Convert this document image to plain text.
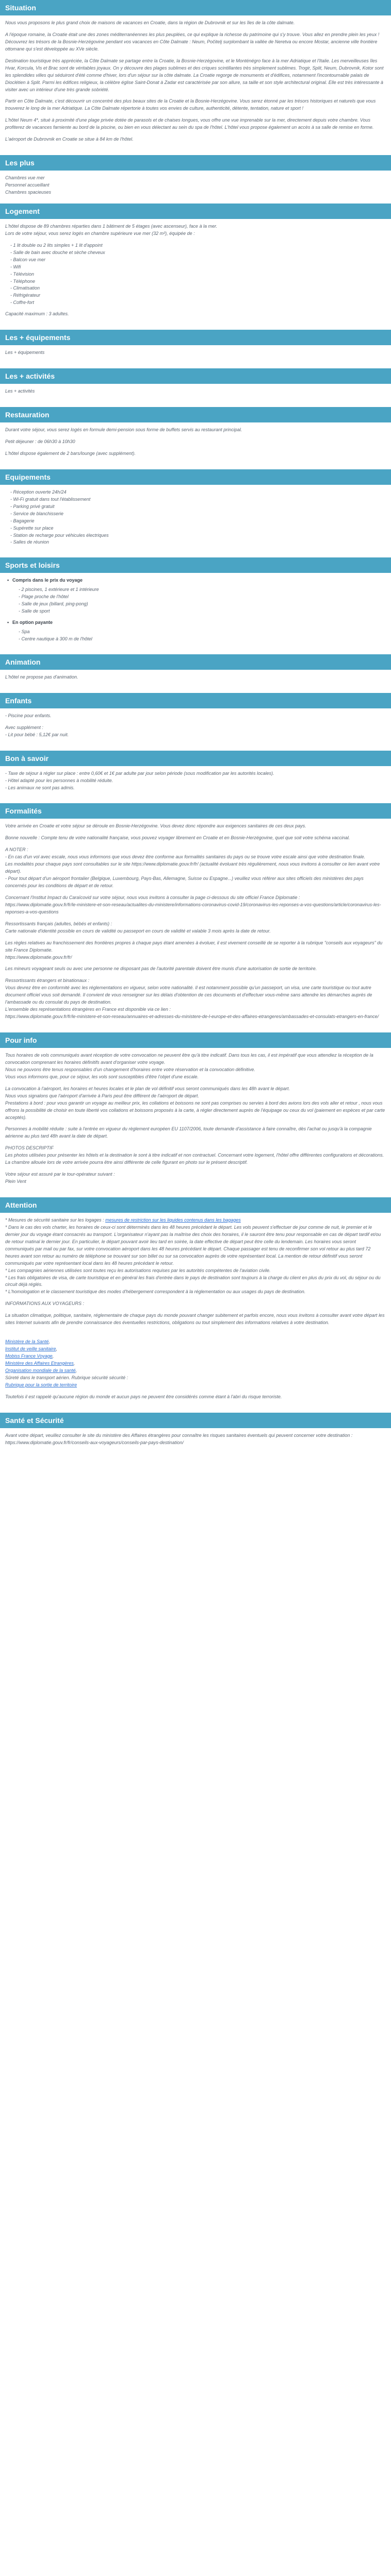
Situation

Nous vous proposons le plus grand choix de maisons de vacances en Croatie, dans la région de Dubrovnik et sur les îles de la côte dalmate.

A l'époque romaine, la Croatie était une des zones méditerranéennes les plus peuplées, ce qui explique la richesse du patrimoine qui s'y trouve. Vous allez en prendre plein les yeux ! Découvrez les trésors de la Bosnie-Herzégovine pendant vos vacances en Côte Dalmate : Neum, Počitelj surplombant la vallée de Neretva ou encore Mostar, ancienne ville frontière ottomane qui s'est développée au XVe siècle.

Destination touristique très appréciée, la Côte Dalmate se partage entre la Croatie, la Bosnie-Herzégovine, et le Monténégro face à la mer Adriatique et l'Italie. Les merveilleuses îles Hvar, Korcula, Vis et Brac sont de véritables joyaux. On y découvre des plages sublimes et des criques scintillantes très simplement sublimes. Trogir, Split, Neum, Dubrovnik, Kotor sont les splendides villes qui séduiront d'été comme d'hiver, lors d'un séjour sur la côte dalmate. La Croatie regorge de monuments et d'édifices, notamment l'incontournable palais de Dioclétien à Split. Parmi les édifices religieux, la célèbre église Saint-Donat à Zadar est caractérisée par son allure, sa taille et son style architectural original. Elle est très intéressante à visiter avec un intérieur d'une très grande sobriété.

Partir en Côte Dalmate, c'est découvrir un concentré des plus beaux sites de la Croatie et la Bosnie-Herzégovine. Vous serez étonné par les trésors historiques et naturels que vous trouverez le long de la mer Adriatique. La Côte Dalmate répertorie à toutes vos envies de culture, authenticité, détente, tentation, nature et sport !

L'hôtel Neum 4*, situé à proximité d'une plage privée dotée de parasols et de chaises longues, vous offre une vue imprenable sur la mer, directement depuis votre chambre. Vous profiterez de vacances farniente au bord de la piscine, ou bien en vous délectant au sein du spa de l'hôtel. L'hôtel vous propose également un accès à sa salle de remise en forme.

L'aéroport de Dubrovnik en Croatie se situe à 84 km de l'hôtel.

Les plus

Chambres vue mer

Personnel accueillant

Chambres spacieuses

Logement

L'hôtel dispose de 89 chambres réparties dans 1 bâtiment de 5 étages (avec ascenseur), face à la mer.

Lors de votre séjour, vous serez logés en chambre supérieure vue mer (32 m²), équipée de :

- 1 lit double ou 2 lits simples + 1 lit d'appoint
- Salle de bain avec douche et sèche cheveux
- Balcon vue mer
- Wifi
- Télévision
- Téléphone
- Climatisation
- Réfrigérateur
- Coffre-fort

Capacité maximum : 3 adultes.

Les + équipements

Les + équipements

Les + activités

Les + activités

Restauration

Durant votre séjour, vous serez logés en formule demi-pension sous forme de buffets servis au restaurant principal.

Petit déjeuner : de 06h30 à 10h30

L'hôtel dispose également de 2 bars/lounge (avec supplément).

Equipements
- Réception ouverte 24h/24
- Wi-Fi gratuit dans tout l'établissement
- Parking privé gratuit
- Service de blanchisserie
- Bagagerie
- Supérette sur place
- Station de recharge pour véhicules électriques
- Salles de réunion
Sports et loisirs
• Compris dans le prix du voyage
- 2 piscines, 1 extérieure et 1 intérieure
- Plage proche de l'hôtel
- Salle de jeux (billard, ping-pong)
- Salle de sport
• En option payante
- Spa
- Centre nautique à 300 m de l'hôtel
Animation

L'hôtel ne propose pas d'animation.

Enfants

- Piscine pour enfants.

Avec supplément :

- Lit pour bébé : 5,12€ par nuit.

Bon à savoir

- Taxe de séjour à régler sur place : entre 0,60€ et 1€ par adulte par jour selon période (sous modification par les autorités locales).

- Hôtel adapté pour les personnes à mobilité réduite.

- Les animaux ne sont pas admis.

Formalités

Votre arrivée en Croatie et votre séjour se déroule en Bosnie-Herzégovine. Vous devez donc répondre aux exigences sanitaires de ces deux pays.

Bonne nouvelle : Compte tenu de votre nationalité française, vous pouvez voyager librement en Croatie et en Bosnie-Herzégovine, quel que soit votre schéma vaccinal.

A NOTER :
- En cas d'un vol avec escale, nous vous informons que vous devez être conforme aux formalités sanitaires du pays ou se trouve votre escale ainsi que votre destination finale.
Les modalités pour chaque pays sont consultables sur le site https://www.diplomatie.gouv.fr/fr/ (actualité évoluant très régulièrement, nous vous invitons à consulter ce lien avant votre départ).
- Pour tout départ d'un aéroport frontalier (Belgique, Luxembourg, Pays-Bas, Allemagne, Suisse ou Espagne...) veuillez vous référer aux sites officiels des ministères des pays concernés pour les conditions de départ et de retour.

Concernant l'Institut Impact du Caraïcovid sur votre séjour, nous vous invitons à consulter la page ci-dessous du site officiel France Diplomatie :
https://www.diplomatie.gouv.fr/fr/le-ministere-et-son-reseau/actualites-du-ministere/informations-coronavirus-covid-19/coronavirus-les-reponses-a-vos-questions/article/coronavirus-les-reponses-a-vos-questions

Ressortissants français (adultes, bébés et enfants) :
Carte nationale d'identité possible en cours de validité ou passeport en cours de validité et valable 3 mois après la date de retour.

Les règles relatives au franchissement des frontières propres à chaque pays étant amenées à évoluer, il est vivement conseillé de se reporter à la rubrique "conseils aux voyageurs" du site France Diplomatie.
https://www.diplomatie.gouv.fr/fr/

Les mineurs voyageant seuls ou avec une personne ne disposant pas de l'autorité parentale doivent être munis d'une autorisation de sortie de territoire.

Ressortissants étrangers et binationaux :
Vous devrez être en conformité avec les réglementations en vigueur, selon votre nationalité. Il est notamment possible qu'un passeport, un visa, une carte touristique ou tout autre document officiel vous soit demandé. Il convient de vous renseigner sur les délais d'obtention de ces documents et d'effectuer vous-même sans attendre les démarches auprès de l'ambassade ou du consulat du pays de destination.
L'ensemble des représentations étrangères en France est disponible via ce lien :
https://www.diplomatie.gouv.fr/fr/le-ministere-et-son-reseau/annuaires-et-adresses-du-ministere-de-l-europe-et-des-affaires-etrangeres/ambassades-et-consulats-etrangers-en-france/

Pour info

Tous horaires de vols communiqués avant réception de votre convocation ne peuvent être qu'à titre indicatif. Dans tous les cas, il est impératif que vous attendiez la réception de la convocation comprenant les horaires définitifs avant d'organiser votre voyage.
Nous ne pouvons être tenus responsables d'un changement d'horaires entre votre réservation et la convocation définitive.
Vous vous informons que, pour ce séjour, les vols sont susceptibles d'être l'objet d'une escale.

La convocation à l'aéroport, les horaires et heures locales et le plan de vol définitif vous seront communiqués dans les 48h avant le départ.
Nous vous signalons que l'aéroport d'arrivée à Paris peut être différent de l'aéroport de départ.
Prestations à bord : pour vous garantir un voyage au meilleur prix, les collations et boissons ne sont pas comprises ou servies à bord des avions lors des vols aller et retour , nous vous offrons la possibilité de choisir en toute liberté vos collations et boissons proposés à la carte, à régler directement auprès de l'équipage ou ceux du vol (paiement en espèces et par carte acceptés).

Personnes à mobilité réduite : suite à l'entrée en vigueur du règlement européen EU 1107/2006, toute demande d'assistance à faire connaître, dès l'achat ou jusqu'à la compagnie aérienne au plus tard 48h avant la date de départ.

PHOTOS DESCRIPTIF
Les photos utilisées pour présenter les hôtels et la destination le sont à titre indicatif et non contractuel. Concernant votre logement, l'hôtel offre différentes configurations et décorations. La chambre allouée lors de votre arrivée pourra être ainsi différente de celle figurant en photo sur le présent descriptif.

Votre séjour est assuré par le tour-opérateur suivant :
Plein Vent

Attention

* Mesures de sécurité sanitaire sur les logages : mesures de restriction sur les liquides contenus dans les bagages

* Dans le cas des vols charter, les horaires de ceux-ci sont déterminés dans les 48 heures précédant le départ. Les vols peuvent s'effectuer de jour comme de nuit, le premier et le dernier jour du voyage étant consacrés au transport. L'organisateur n'ayant pas la maîtrise des choix des horaires, il le sauront être tenu pour responsable en cas de départ tardif et/ou de retour matinal le dernier jour. En particulier, le départ pouvant avoir lieu tard en soirée, la date effective de départ peut être celle du lendemain. Les horaires vous seront communiqués par mail ou par fax, sur votre convocation aéroport dans les 48 heures précédant le départ. Chaque passager est tenu de reconfirmer son vol retour au plus tard 72 heures avant son retour au numéro de téléphone se trouvant sur son billet ou sur sa convocation auprès de votre représentant local. La mention de retour définitif vous seront communiqués par votre représentant local dans les 48 heures précédant le retour.
* Les compagnies aériennes utilisées sont toutes reçu les autorisations requises par les autorités compétentes de l'aviation civile.
* Les frais obligatoires de visa, de carte touristique et en général les frais d'entrée dans le pays de destination sont toujours à la charge du client en plus du prix du vol, du séjour ou du circuit déjà réglés.
* L'homologation et le classement touristique des modes d'hébergement correspondent à la réglementation ou aux usages du pays de destination.

INFORMATIONS AUX VOYAGEURS :

La situation climatique, politique, sanitaire, réglementaire de chaque pays du monde pouvant changer subitement et parfois encore, nous vous invitons à consulter avant votre départ les sites Internet suivants afin de prendre connaissance des éventuelles restrictions, obligations ou tout simplement des informations relatives à votre destination.

Ministère de la Santé,
Institut de veille sanitaire,
Mobiss France Voyage,
Ministère des Affaires Etrangères,
Organisation mondiale de la santé,
Sûreté dans le transport aérien. Rubrique sécurité sécurité :
Rubrique pour la sortie de territoire

Toutefois il est rappelé qu'aucune région du monde et aucun pays ne peuvent être considérés comme étant à l'abri du risque terroriste.

Santé et Sécurité

Avant votre départ, veuillez consulter le site du ministère des Affaires étrangères pour connaître les risques sanitaires éventuels qui peuvent concerner votre destination : https://www.diplomatie.gouv.fr/fr/conseils-aux-voyageurs/conseils-par-pays-destination/
